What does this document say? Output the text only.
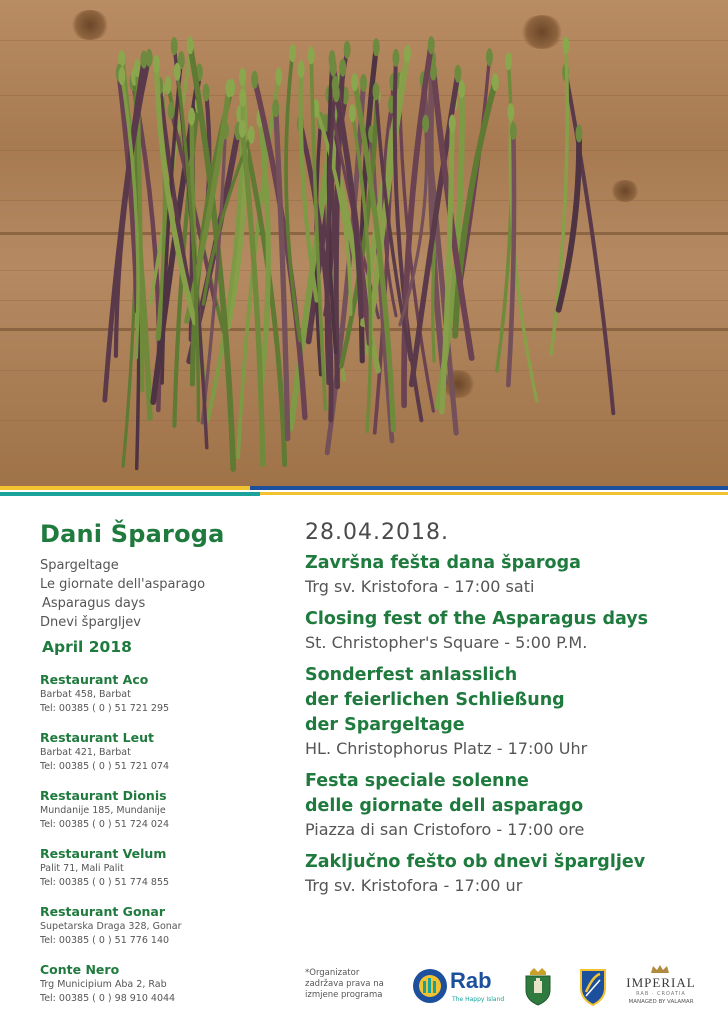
Dani Šparoga
Spargeltage
Le giornate dell'asparago
Asparagus days
Dnevi špargljev
April 2018
Restaurant Aco
Barbat 458, Barbat
Tel: 00385 ( 0 ) 51 721 295
Restaurant Leut
Barbat 421, Barbat
Tel: 00385 ( 0 ) 51 721 074
Restaurant Dionis
Mundanije 185, Mundanije
Tel: 00385 ( 0 ) 51 724 024
Restaurant Velum
Palit 71, Mali Palit
Tel: 00385 ( 0 ) 51 774 855
Restaurant Gonar
Supetarska Draga 328, Gonar
Tel: 00385 ( 0 ) 51 776 140
Conte Nero
Trg Municipium Aba 2, Rab
Tel: 00385 ( 0 ) 98 910 4044
28.04.2018.
Završna fešta dana šparoga
Trg sv. Kristofora - 17:00 sati
Closing fest of the Asparagus days
St. Christopher's Square - 5:00 P.M.
Sonderfest anlasslich
der feierlichen Schließung
der Spargeltage
HL. Christophorus Platz - 17:00 Uhr
Festa speciale solenne
delle giornate dell asparago
Piazza di san Cristoforo - 17:00 ore
Zaključno fešto ob dnevi špargljev
Trg sv. Kristofora - 17:00 ur
*Organizator
zadržava prava na
izmjene programa
Rab
The Happy Island
IMPERIAL
RAB · CROATIA
MANAGED BY VALAMAR
